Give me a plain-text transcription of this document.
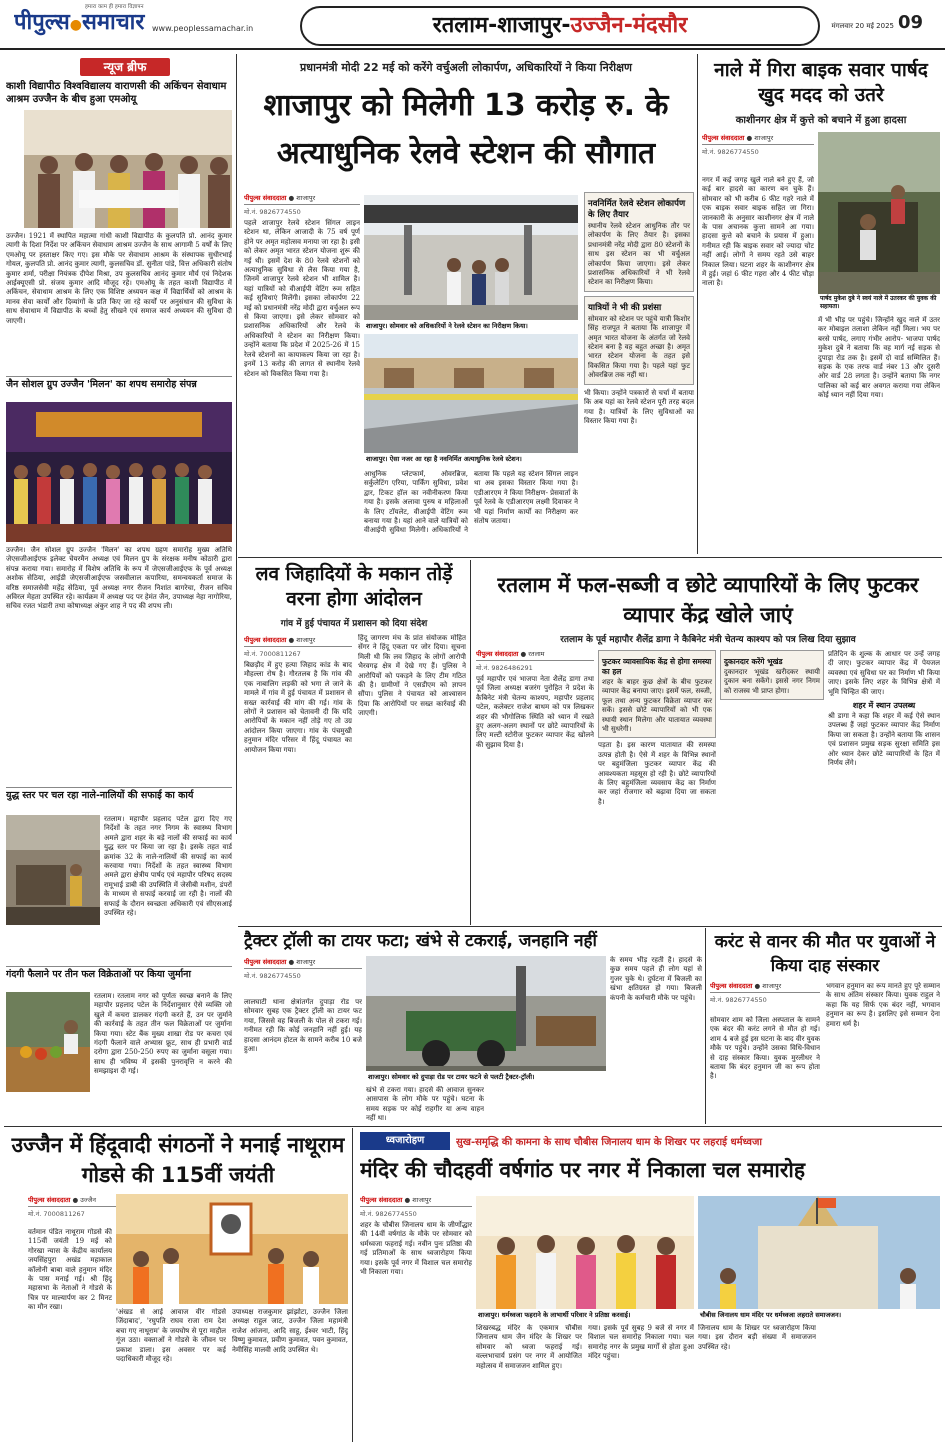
पीपुल्स●समाचार
हमारा काम ही हमारा विज्ञापन
www.peoplessamachar.in	रतलाम-शाजापुर-उज्जैन-मंदसौर	मंगलवार 20 मई 2025 09
न्यूज ब्रीफ
काशी विद्यापीठ विश्वविद्यालय वाराणसी की अकिंचन सेवाधाम आश्रम उज्जैन के बीच हुआ एमओयू
उज्जैन। 1921 में स्थापित महात्मा गांधी काशी विद्यापीठ के कुलपति प्रो. आनंद कुमार त्यागी के दिशा निर्देश पर अकिंचन सेवाधाम आश्रम उज्जैन के साथ आगामी 5 वर्षों के लिए एमओयू पर हस्ताक्षर किए गए। इस मौके पर सेवाधाम आश्रम के संस्थापक सुधीरभाई गोयल, कुलपति प्रो. आनंद कुमार त्यागी, कुलसचिव डॉ. सुनीता पांडे, वित्त अधिकारी संतोष कुमार शर्मा, परीक्षा नियंत्रक दीपेश मिश्रा, उप कुलसचिव आनंद कुमार मौर्य एवं निदेशक आईक्यूएसी प्रो. संजय कुमार आदि मौजूद रहे। एमओयू के तहत काशी विद्यापीठ में अकिंचन, सेवाधाम आश्रम के लिए एक विशिष्ट अध्ययन कक्ष में विद्यार्थियों को आश्रम के मानव सेवा कार्यों और दिव्यांगों के प्रति किए जा रहे कार्यों पर अनुसंधान की सुविधा के साथ सेवाधाम में विद्यापीठ के बच्चों हेतु सीखने एवं समाज कार्य अध्ययन की सुविधा दी जाएगी।
जैन सोशल ग्रुप उज्जैन 'मिलन' का शपथ समारोह संपन्न
उज्जैन। जैन सोशल ग्रुप उज्जैन 'मिलन' का शपथ ग्रहण समारोह मुख्य अतिथि जेएसजीआईएफ इलेक्ट चेयरमैन अध्यक्ष एवं मिलन ग्रुप के संरक्षक मनीष कोठारी द्वारा संपन्न कराया गया। समारोह में विशेष अतिथि के रूप में जेएसजीआईएफ के पूर्व अध्यक्ष अशोक सेठिया, आईडी जेएसजीआईएफ जसवीलाल कपारिया, समन्वयकर्ता समाज के वरिष्ठ समाजसेवी महेंद्र सेठिया, पूर्व अध्यक्ष नगर रीजन निशांत बागरेचा, रीजन सचिव अविरल मेहता उपस्थित रहे। कार्यक्रम में अध्यक्ष पद पर हेमंत जैन, उपाध्यक्ष नेहा नागोरिया, सचिव रजत भंडारी तथा कोषाध्यक्ष अंकुर शाह ने पद की शपथ ली।
युद्ध स्तर पर चल रहा नाले-नालियों की सफाई का कार्य
रतलाम। महापौर प्रहलाद पटेल द्वारा दिए गए निर्देशों के तहत नगर निगम के स्वास्थ्य विभाग अमले द्वारा शहर के बड़े नालों की सफाई का कार्य युद्ध स्तर पर किया जा रहा है। इसके तहत वार्ड क्रमांक 32 के नाले-नालियों की सफाई का कार्य करवाया गया। निर्देशों के तहत स्वास्थ्य विभाग अमले द्वारा क्षेत्रीय पार्षद एवं महापौर परिषद सदस्य रामूभाई डाबी की उपस्थिति में जेसीबी मशीन, डंपरों के माध्यम से सफाई करवाई जा रही है। नालों की सफाई के दौरान स्वच्छता अधिकारी एवं सीएसआई उपस्थित रहे।
गंदगी फैलाने पर तीन फल विक्रेताओं पर किया जुर्माना
रतलाम। रतलाम नगर को पूर्णतः स्वच्छ बनाने के लिए महापौर प्रहलाद पटेल के निर्देशानुसार ऐसे व्यक्ति जो खुले में कचरा डालकर गंदगी करते हैं, उन पर जुर्माने की कार्रवाई के तहत तीन फल विक्रेताओं पर जुर्माना किया गया। स्टेट बैंक मुख्य शाखा रोड पर कचरा एवं गंदगी फैलाने वाले अभ्यास फ्रूट, साथ ही प्रभारी वार्ड दरोगा द्वारा 250-250 रुपए का जुर्माना वसूला गया। साथ ही भविष्य में इसकी पुनरावृत्ति न करने की समझाइश दी गई।
प्रधानमंत्री मोदी 22 मई को करेंगे वर्चुअली लोकार्पण, अधिकारियों ने किया निरीक्षण
शाजापुर को मिलेगी 13 करोड़ रु. के अत्याधुनिक रेलवे स्टेशन की सौगात
पीपुल्स संवाददाता ● शाजापुर
मो.नं. 9826774550
पहले शाजापुर रेलवे स्टेशन सिंगल लाइन स्टेशन था, लेकिन आजादी के 75 वर्ष पूर्ण होने पर अमृत महोत्सव मनाया जा रहा है। इसी को लेकर अमृत भारत स्टेशन योजना शुरू की गई थी। इसमें देश के 80 रेलवे स्टेशनों को अत्याधुनिक सुविधा से लैस किया गया है, जिनमें शाजापुर रेलवे स्टेशन भी शामिल है। यहां यात्रियों को वीआईपी वेटिंग रूम सहित कई सुविधाएं मिलेंगी। इसका लोकार्पण 22 मई को प्रधानमंत्री नरेंद्र मोदी द्वारा वर्चुअल रूप से किया जाएगा। इसे लेकर सोमवार को प्रशासनिक अधिकारियों और रेलवे के अधिकारियों ने स्टेशन का निरीक्षण किया। उन्होंने बताया कि प्रदेश में 2025-26 में 15 रेलवे स्टेशनों का कायाकल्प किया जा रहा है। इनमें 13 करोड़ की लागत से स्थानीय रेलवे स्टेशन को विकसित किया गया है।
शाजापुर। सोमवार को अधिकारियों ने रेलवे स्टेशन का निरीक्षण किया।
शाजापुर। ऐसा नजर आ रहा है नवनिर्मित अत्याधुनिक रेलवे स्टेशन।
आधुनिक प्लेटफार्म, ओवरब्रिज, सर्कुलेटिंग एरिया, पार्किंग सुविधा, प्रवेश द्वार, टिकट हॉल का नवीनीकरण किया गया है। इसके अलावा पुरुष व महिलाओं के लिए टॉयलेट, वीआईपी वेटिंग रूम बनाया गया है। यहां आने वाले यात्रियों को वीआईपी सुविधा मिलेगी। अधिकारियों ने बताया कि पहले यह स्टेशन सिंगल लाइन था अब इसका विस्तार किया गया है। एडीआरएम ने किया निरीक्षण- प्रेसवार्ता के पूर्व रेलवे के एडीआरएम लक्ष्मी दिवाकर ने भी यहां निर्माण कार्यों का निरीक्षण कर संतोष जताया।
नवनिर्मित रेलवे स्टेशन लोकार्पण के लिए तैयार
स्थानीय रेलवे स्टेशन आधुनिक तौर पर लोकार्पण के लिए तैयार है। इसका प्रधानमंत्री नरेंद्र मोदी द्वारा 80 स्टेशनों के साथ इस स्टेशन का भी वर्चुअल लोकार्पण किया जाएगा। इसे लेकर प्रशासनिक अधिकारियों ने भी रेलवे स्टेशन का निरीक्षण किया।
यात्रियों ने भी की प्रशंसा
सोमवार को स्टेशन पर पहुंचे यात्री किशोर सिंह राजपूत ने बताया कि शाजापुर में अमृत भारत योजना के अंतर्गत जो रेलवे स्टेशन बना है वह बहुत अच्छा है। अमृत भारत स्टेशन योजना के तहत इसे विकसित किया गया है। पहले यहां फुट ओवरब्रिज तक नहीं था।
भी किया। उन्होंने पत्रकारों से चर्चा में बताया कि अब यहां का रेलवे स्टेशन पूरी तरह बदल गया है। यात्रियों के लिए सुविधाओं का विस्तार किया गया है।
नाले में गिरा बाइक सवार पार्षद खुद मदद को उतरे
काशीनगर क्षेत्र में कुत्ते को बचाने में हुआ हादसा
पीपुल्स संवाददाता ● शाजापुर
मो.नं. 9826774550
नगर में कई जगह खुले नाले बने हुए हैं, जो कई बार हादसे का कारण बन चुके हैं। सोमवार को भी करीब 6 फीट गहरे नाले में एक बाइक सवार बाइक सहित जा गिरा। जानकारी के अनुसार काशीनगर क्षेत्र में नाले के पास अचानक कुत्ता सामने आ गया। हादसा कुत्ते को बचाने के प्रयास में हुआ। गनीमत रही कि बाइक सवार को ज्यादा चोट नहीं आई। लोगों ने समय रहते उसे बाहर निकाल लिया। घटना शहर के काशीनगर क्षेत्र में हुई। जहां 6 फीट गहरा और 4 फीट चौड़ा नाला है।
पार्षद मुकेश दुबे ने स्वयं नाले में उतरकर की युवक की सहायता।
में भी भीड़ पर पहुंचे। जिन्होंने खुद नाले में उतर कर मोबाइल तलाशा लेकिन नहीं मिला। भय पर बरसे पार्षद, लगाए गंभीर आरोप- भाजपा पार्षद मुकेश दुबे ने बताया कि वह मार्ग नई सड़क से दुपाड़ा रोड तक है। इसमें दो वार्ड सम्मिलित हैं। सड़क के एक तरफ वार्ड नंबर 13 और दूसरी ओर वार्ड 28 लगता है। उन्होंने बताया कि नगर पालिका को कई बार अवगत कराया गया लेकिन कोई ध्यान नहीं दिया गया।
लव जिहादियों के मकान तोड़ें वरना होगा आंदोलन
गांव में हुई पंचायत में प्रशासन को दिया संदेश
पीपुल्स संवाददाता ● शाजापुर
मो.नं. 7000811267
बिछड़ौद में हुए हत्या जिहाद कांड के बाद मौहल्ला रोष है। गौरतलब है कि गांव की एक नाबालिग लड़की को भगा ले जाने के मामले में गांव में हुई पंचायत में प्रशासन से सख्त कार्रवाई की मांग की गई। गांव के लोगों ने प्रशासन को चेतावनी दी कि यदि आरोपियों के मकान नहीं तोड़े गए तो उग्र आंदोलन किया जाएगा। गांव के पंचमुखी हनुमान मंदिर परिसर में हिंदू पंचायत का आयोजन किया गया।
हिंदू जागरण मंच के प्रांत संयोजक मोहित सेंगर ने हिंदू एकता पर जोर दिया। सूचना मिली थी कि लव जिहाद के लोगों आरोपी भैरवगढ़ क्षेत्र में देखे गए हैं। पुलिस ने आरोपियों को पकड़ने के लिए टीम गठित की है। ग्रामीणों ने एसडीएम को ज्ञापन सौंपा। पुलिस ने पंचायत को आश्वासन दिया कि आरोपियों पर सख्त कार्रवाई की जाएगी।
रतलाम में फल-सब्जी व छोटे व्यापारियों के लिए फुटकर व्यापार केंद्र खोले जाएं
रतलाम के पूर्व महापौर शैलेंद्र डागा ने कैबिनेट मंत्री चेतन्य काश्यप को पत्र लिख दिया सुझाव
पीपुल्स संवाददाता ● रतलाम
मो.नं. 9826486291
पूर्व महापौर एवं भाजपा नेता शैलेंद्र डागा तथा पूर्व जिला अध्यक्ष बजरंग पुरोहित ने प्रदेश के कैबिनेट मंत्री चेतन्य काश्यप, महापौर प्रहलाद पटेल, कलेक्टर राजेश बाथम को पत्र लिखकर शहर की भौगोलिक स्थिति को ध्यान में रखते हुए अलग-अलग स्थानों पर छोटे व्यापारियों के लिए मल्टी स्टोरीज फुटकर व्यापार केंद्र खोलने की सुझाव दिया है।
फुटकर व्यावसायिक केंद्र से होगा समस्या का हल
शहर के बाहर कुछ क्षेत्रों के बीच फुटकर व्यापार केंद्र बनाया जाए। इसमें फल, सब्जी, फूल तथा अन्य फुटकर विक्रेता व्यापार कर सकें। इससे छोटे व्यापारियों को भी एक स्थायी स्थान मिलेगा और यातायात व्यवस्था भी सुधरेगी।
पड़ता है। इस कारण यातायात की समस्या उत्पन्न होती है। ऐसे में शहर के विभिन्न स्थानों पर बहुमंजिला फुटकर व्यापार केंद्र की आवश्यकता महसूस हो रही है। छोटे व्यापारियों के लिए बहुमंजिला व्यवसाय केंद्र का निर्माण कर जहां रोजगार को बढ़ावा दिया जा सकता है।
दुकानदार करेंगे भूखंड
दुकानदार भूखंड खरीदकर स्थायी दुकान बना सकेंगे। इससे नगर निगम को राजस्व भी प्राप्त होगा।
प्रतिदिन के शुल्क के आधार पर उन्हें जगह दी जाए। फुटकर व्यापार केंद्र में पेयजल व्यवस्था एवं सुविधा घर का निर्माण भी किया जाए। इसके लिए शहर के विभिन्न क्षेत्रों में भूमि चिन्हित की जाए।
शहर में स्थान उपलब्ध
श्री डागा ने कहा कि शहर में कई ऐसे स्थान उपलब्ध हैं जहां फुटकर व्यापार केंद्र निर्माण किया जा सकता है। उन्होंने बताया कि शासन एवं प्रशासन प्रमुख सड़क सुरक्षा समिति इस ओर ध्यान देकर छोटे व्यापारियों के हित में निर्णय लेंगे।
ट्रैक्टर ट्रॉली का टायर फटा; खंभे से टकराई, जनहानि नहीं
पीपुल्स संवाददाता ● शाजापुर
मो.नं. 9826774550
शाजापुर। सोमवार को दुपाड़ा रोड पर टायर फटने से पलटी ट्रैक्टर-ट्रॉली।
लालघाटी थाना क्षेत्रांतर्गत दुपाड़ा रोड पर सोमवार सुबह एक ट्रैक्टर ट्रॉली का टायर फट गया, जिससे वह बिजली के पोल से टकरा गई। गनीमत रही कि कोई जनहानि नहीं हुई। यह हादसा आनंदम होटल के सामने करीब 10 बजे हुआ।
खंभे से टकरा गया। हादसे की आवाज सुनकर आसपास के लोग मौके पर पहुंचे। घटना के समय सड़क पर कोई राहगीर या अन्य वाहन नहीं था।
के समय भीड़ रहती है। हादसे के कुछ समय पहले ही लोग यहां से गुजर चुके थे। दुर्घटना में बिजली का खंभा क्षतिग्रस्त हो गया। बिजली कंपनी के कर्मचारी मौके पर पहुंचे।
करंट से वानर की मौत पर युवाओं ने किया दाह संस्कार
पीपुल्स संवाददाता ● शाजापुर
मो.नं. 9826774550
सोमवार शाम को जिला अस्पताल के सामने एक बंदर की करंट लगने से मौत हो गई। शाम 4 बजे हुई इस घटना के बाद वीर युवक मौके पर पहुंचे। उन्होंने उसका विधि-विधान से दाह संस्कार किया। युवक मुरलीधर ने बताया कि बंदर हनुमान जी का रूप होता है।
भगवान हनुमान का रूप मानते हुए पूरे सम्मान के साथ अंतिम संस्कार किया। युवक राहुल ने कहा कि यह सिर्फ एक बंदर नहीं, भगवान हनुमान का रूप है। इसलिए इसे सम्मान देना हमारा धर्म है।
उज्जैन में हिंदूवादी संगठनों ने मनाई नाथूराम गोडसे की 115वीं जयंती
पीपुल्स संवाददाता ● उज्जैन
मो.नं. 7000811267
वर्तमान पंडित नाथूराम गोडसे की 115वीं जयंती 19 मई को गोरखा न्यास के केंद्रीय कार्यालय जयसिंहपुरा अखंड महाकाल कॉलोनी बाबा वाले हनुमान मंदिर के पास मनाई गई। श्री हिंदू महासभा के नेताओं ने गोडसे के चित्र पर माल्यार्पण कर 2 मिनट का मौन रखा।
'अंखड से आई आवाज वीर गोडसे जिंदाबाद', 'रघुपति राघव राजा राम देश बचा गए नाथूराम' के जयघोष से पूरा माहौल गूंज उठा। वक्ताओं ने गोडसे के जीवन पर प्रकाश डाला। इस अवसर पर कई पदाधिकारी मौजूद रहे।
उपाध्यक्ष राजकुमार झांझोटा, उज्जैन जिला अध्यक्ष राहुल जाट, उज्जैन जिला महामंत्री राजेश आंजना, आदि साहू, ईश्वर भाटी, हिंदू विष्णु कुमावत, प्रवीण कुमावत, पवन कुमावत, नेमीसिंह मालवी आदि उपस्थित थे।
ध्वजारोहण	सुख-समृद्धि की कामना के साथ चौबीस जिनालय धाम के शिखर पर लहराई धर्मध्वजा
मंदिर की चौदहवीं वर्षगांठ पर नगर में निकाला चल समारोह
पीपुल्स संवाददाता ● शाजापुर
मो.नं. 9826774550
शहर के चौबीस जिनालय धाम के जीर्णोद्धार की 14वीं वर्षगांठ के मौके पर सोमवार को धर्मध्वजा फहराई गई। नवीन पुनः प्रतिष्ठा की गई प्रतिमाओं के साथ ध्वजारोहण किया गया। इसके पूर्व नगर में विशाल चल समारोह भी निकाला गया।
शाजापुर। धर्मध्वजा फहराने के लाभार्थी परिवार ने प्रतिष्ठा करवाई।	चौबीस जिनालय धाम मंदिर पर धर्मध्वजा लहराते समाजजन।
शिखरबद्ध मंदिर के एकमात्र चौबीस जिनालय धाम जैन मंदिर के शिखर पर सोमवार को ध्वजा फहराई गई। वल्लभाचार्य प्रसंग पर नगर में आयोजित महोत्सव में समाजजन शामिल हुए।
गया। इसके पूर्व सुबह 9 बजे से नगर में विशाल चल समारोह निकाला गया। चल समारोह नगर के प्रमुख मार्गों से होता हुआ मंदिर पहुंचा।
जिनालय धाम के शिखर पर ध्वजारोहण किया गया। इस दौरान बड़ी संख्या में समाजजन उपस्थित रहे।
